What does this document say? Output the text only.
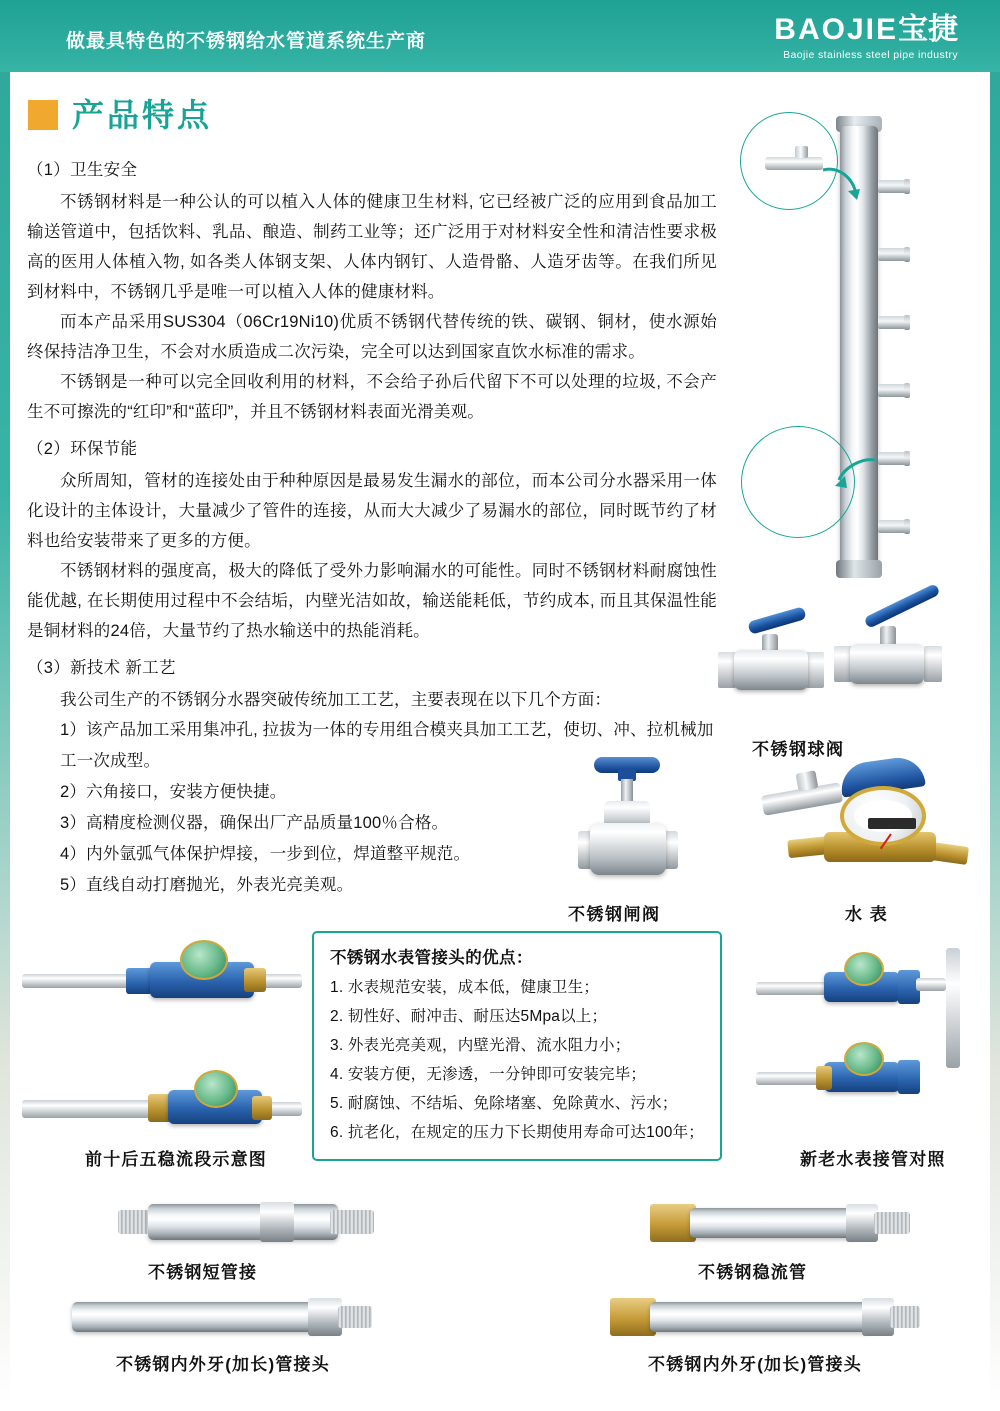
做最具特色的不锈钢给水管道系统生产商	BAOJIE宝捷
Baojie stainless steel pipe industry
产品特点
（1）卫生安全

不锈钢材料是一种公认的可以植入人体的健康卫生材料, 它已经被广泛的应用到食品加工输送管道中，包括饮料、乳品、酿造、制药工业等；还广泛用于对材料安全性和清洁性要求极高的医用人体植入物, 如各类人体钢支架、人体内钢钉、人造骨骼、人造牙齿等。在我们所见到材料中，不锈钢几乎是唯一可以植入人体的健康材料。

而本产品采用SUS304（06Cr19Ni10)优质不锈钢代替传统的铁、碳钢、铜材，使水源始终保持洁净卫生，不会对水质造成二次污染，完全可以达到国家直饮水标准的需求。

不锈钢是一种可以完全回收利用的材料，不会给子孙后代留下不可以处理的垃圾, 不会产生不可擦洗的“红印”和“蓝印”，并且不锈钢材料表面光滑美观。

（2）环保节能

众所周知，管材的连接处由于种种原因是最易发生漏水的部位，而本公司分水器采用一体化设计的主体设计，大量减少了管件的连接，从而大大减少了易漏水的部位，同时既节约了材料也给安装带来了更多的方便。

不锈钢材料的强度高，极大的降低了受外力影响漏水的可能性。同时不锈钢材料耐腐蚀性能优越, 在长期使用过程中不会结垢，内壁光洁如故，输送能耗低，节约成本, 而且其保温性能是铜材料的24倍，大量节约了热水输送中的热能消耗。

（3）新技术 新工艺

我公司生产的不锈钢分水器突破传统加工工艺，主要表现在以下几个方面：

1）该产品加工采用集冲孔, 拉拔为一体的专用组合模夹具加工工艺，使切、冲、拉机械加工一次成型。

2）六角接口，安装方便快捷。

3）高精度检测仪器，确保出厂产品质量100％合格。

4）内外氩弧气体保护焊接，一步到位，焊道整平规范。

5）直线自动打磨抛光，外表光亮美观。

不锈钢球阀
不锈钢闸阀	水 表
不锈钢水表管接头的优点：
1. 水表规范安装，成本低，健康卫生；
2. 韧性好、耐冲击、耐压达5Mpa以上；
3. 外表光亮美观，内壁光滑、流水阻力小；
4. 安装方便，无渗透，一分钟即可安装完毕；
5. 耐腐蚀、不结垢、免除堵塞、免除黄水、污水；
6. 抗老化，在规定的压力下长期使用寿命可达100年；
前十后五稳流段示意图	新老水表接管对照
不锈钢短管接	不锈钢稳流管
不锈钢内外牙(加长)管接头	不锈钢内外牙(加长)管接头
